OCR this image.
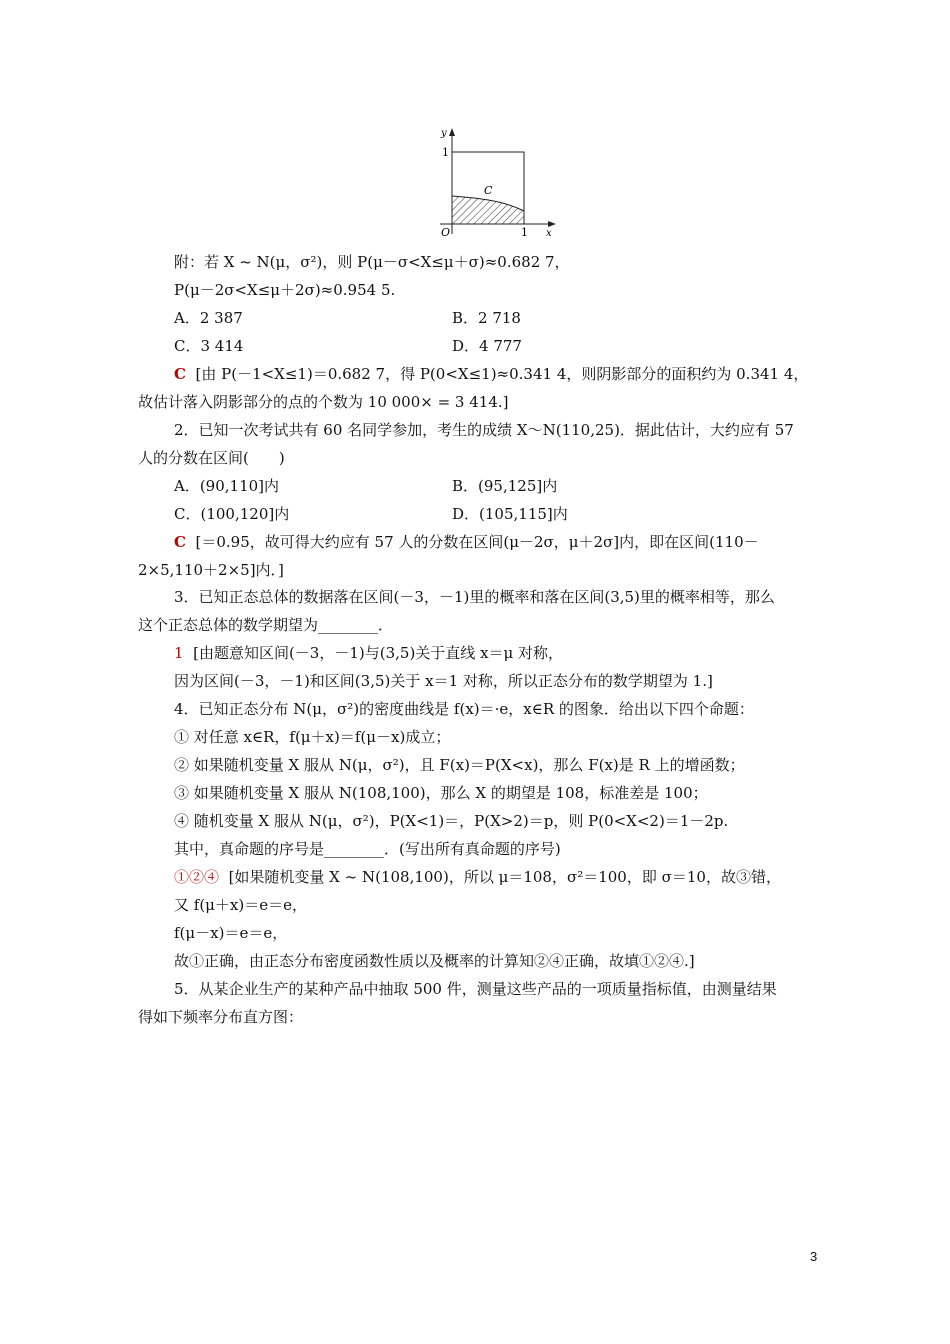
y
1
O	1 x
C
附：若 X ~ N(μ，σ²)，则 P(μ－σ<X≤μ＋σ)≈0.682 7，
P(μ－2σ<X≤μ＋2σ)≈0.954 5.
A．2 387	B．2 718
C．3 414	D．4 777
C [由 P(－1<X≤1)＝0.682 7，得 P(0<X≤1)≈0.341 4，则阴影部分的面积约为 0.341 4，
故估计落入阴影部分的点的个数为 10 000× = 3 414.]
2．已知一次考试共有 60 名同学参加，考生的成绩 X～N(110,25)．据此估计，大约应有 57
人的分数在区间(　　)
A．(90,110]内	B．(95,125]内
C．(100,120]内	D．(105,115]内
C [＝0.95，故可得大约应有 57 人的分数在区间(μ－2σ，μ＋2σ]内，即在区间(110－
2×5,110＋2×5]内．]
3．已知正态总体的数据落在区间(－3，－1)里的概率和落在区间(3,5)里的概率相等，那么
这个正态总体的数学期望为________．
1 [由题意知区间(－3，－1)与(3,5)关于直线 x＝μ 对称，
因为区间(－3，－1)和区间(3,5)关于 x＝1 对称，所以正态分布的数学期望为 1.]
4．已知正态分布 N(μ，σ²)的密度曲线是 f(x)＝·e，x∈R 的图象．给出以下四个命题：
① 对任意 x∈R，f(μ＋x)＝f(μ－x)成立；
② 如果随机变量 X 服从 N(μ，σ²)，且 F(x)＝P(X<x)，那么 F(x)是 R 上的增函数；
③ 如果随机变量 X 服从 N(108,100)，那么 X 的期望是 108，标准差是 100；
④ 随机变量 X 服从 N(μ，σ²)，P(X<1)＝，P(X>2)＝p，则 P(0<X<2)＝1－2p.
其中，真命题的序号是________．(写出所有真命题的序号)
①②④ [如果随机变量 X ~ N(108,100)，所以 μ＝108，σ²＝100，即 σ＝10，故③错，
又 f(μ＋x)＝e＝e，
f(μ－x)＝e＝e，
故①正确，由正态分布密度函数性质以及概率的计算知②④正确，故填①②④.]
5．从某企业生产的某种产品中抽取 500 件，测量这些产品的一项质量指标值，由测量结果
得如下频率分布直方图：
3
